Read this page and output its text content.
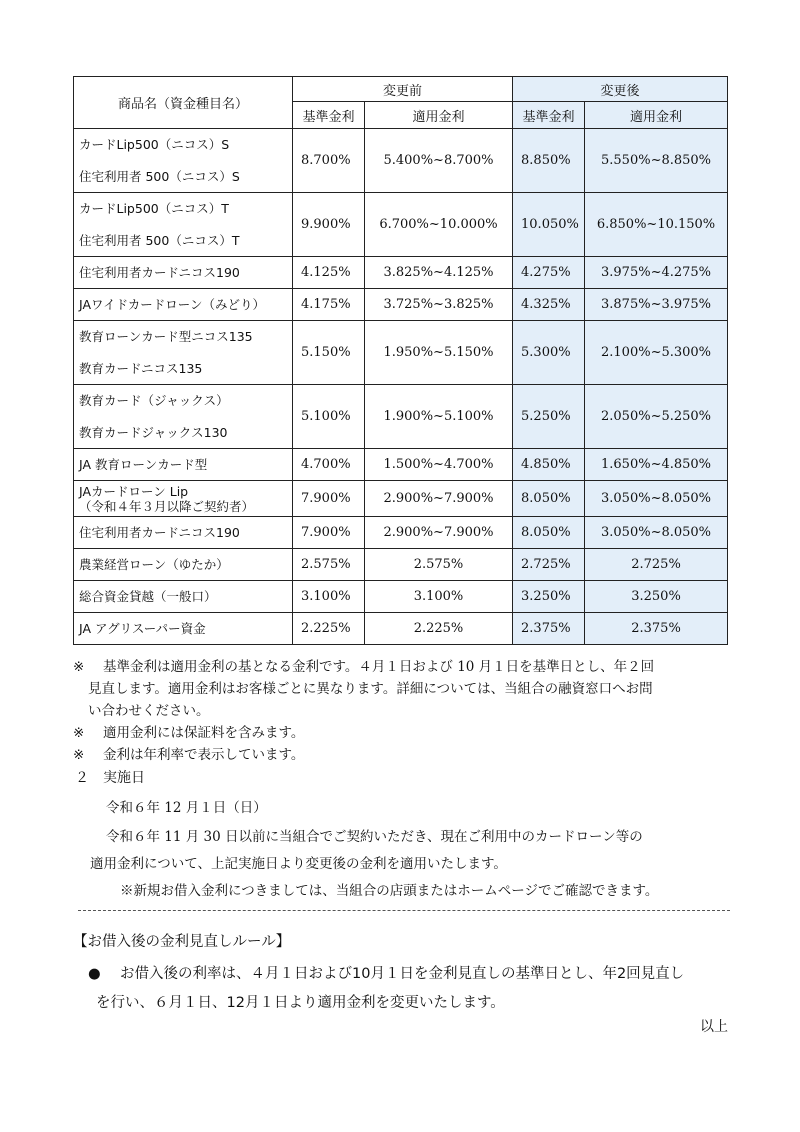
商品名（資金種目名）	変更前		変更後	
	基準金利	適用金利	基準金利	適用金利
カードLip500（ニコス）S	8.700%	5.400%~8.700%	8.850%	5.550%~8.850%
住宅利用者 500（ニコス）S				
カードLip500（ニコス）T	9.900%	6.700%~10.000%	10.050%	6.850%~10.150%
住宅利用者 500（ニコス）T				
住宅利用者カードニコス190	4.125%	3.825%~4.125%	4.275%	3.975%~4.275%
JAワイドカードローン（みどり）	4.175%	3.725%~3.825%	4.325%	3.875%~3.975%
教育ローンカード型ニコス135	5.150%	1.950%~5.150%	5.300%	2.100%~5.300%
教育カードニコス135				
教育カード（ジャックス）	5.100%	1.900%~5.100%	5.250%	2.050%~5.250%
教育カードジャックス130				
JA 教育ローンカード型	4.700%	1.500%~4.700%	4.850%	1.650%~4.850%
JAカードローン Lip
（令和４年３月以降ご契約者）	7.900%	2.900%~7.900%	8.050%	3.050%~8.050%
住宅利用者カードニコス190	7.900%	2.900%~7.900%	8.050%	3.050%~8.050%
農業経営ローン（ゆたか）	2.575%	2.575%	2.725%	2.725%
総合資金貸越（一般口）	3.100%	3.100%	3.250%	3.250%
JA アグリスーパー資金	2.225%	2.225%	2.375%	2.375%
※	基準金利は適用金利の基となる金利です。４月１日および 10 月１日を基準日とし、年２回
見直します。適用金利はお客様ごとに異なります。詳細については、当組合の融資窓口へお問
い合わせください。
※	適用金利には保証料を含みます。
※	金利は年利率で表示しています。
２　実施日
令和６年 12 月１日（日）
令和６年 11 月 30 日以前に当組合でご契約いただき、現在ご利用中のカードローン等の
適用金利について、上記実施日より変更後の金利を適用いたします。
※新規お借入金利につきましては、当組合の店頭またはホームページでご確認できます。
【お借入後の金利見直しルール】
● お借入後の利率は、４月１日および10月１日を金利見直しの基準日とし、年2回見直し
を行い、６月１日、12月１日より適用金利を変更いたします。
以上
